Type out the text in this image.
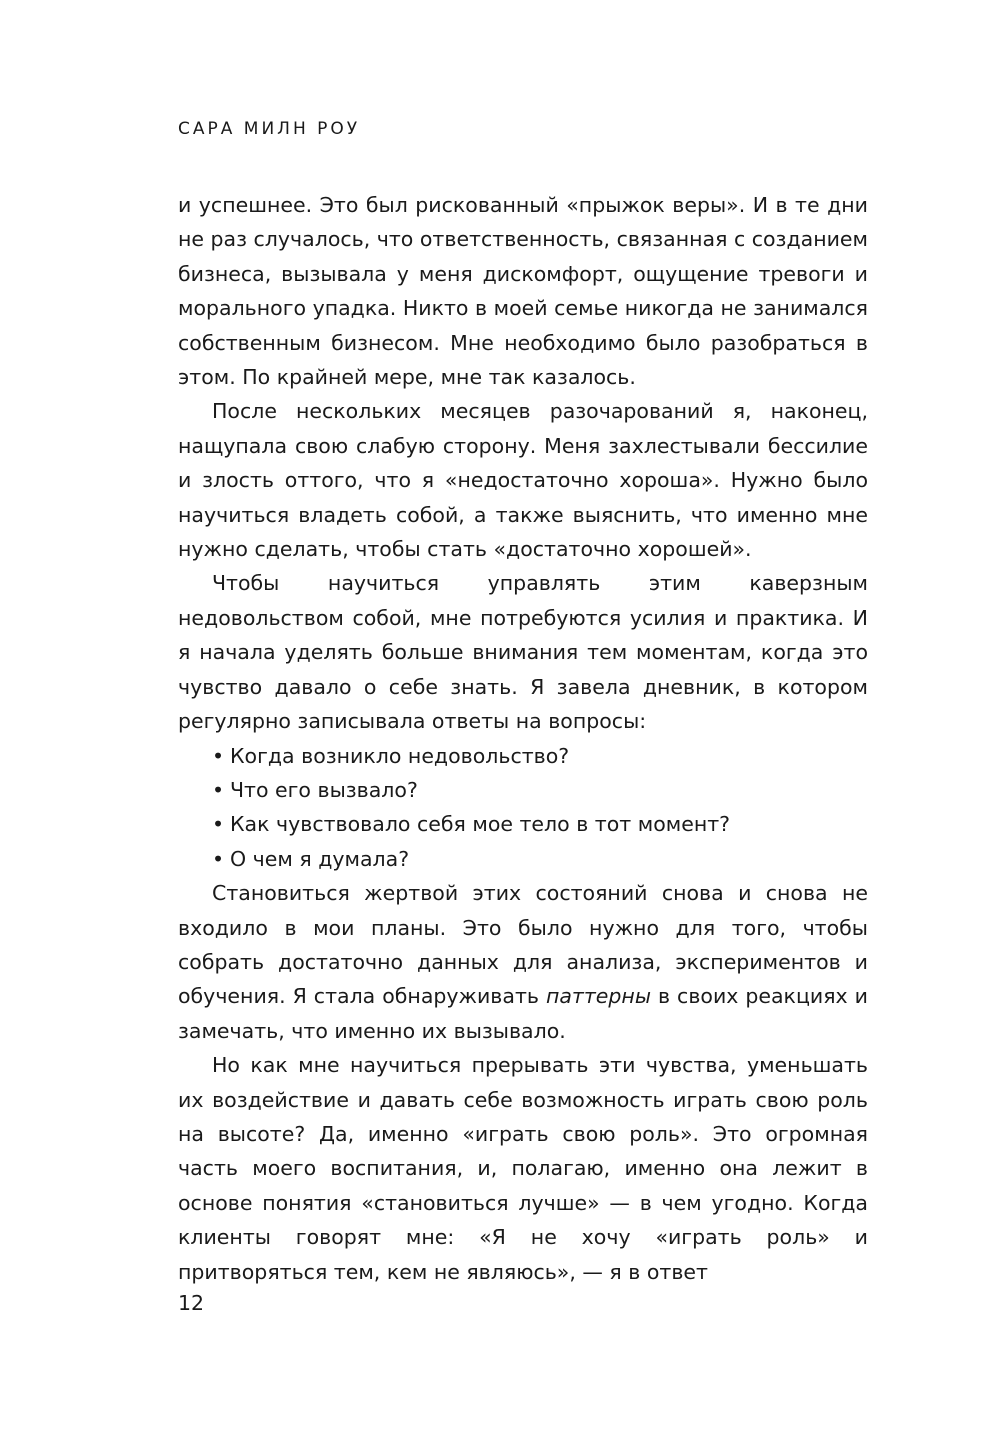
САРА МИЛН РОУ

и успешнее. Это был рискованный «прыжок веры». И в те дни не раз случалось, что ответственность, связанная с созданием бизнеса, вызывала у меня дискомфорт, ощущение тревоги и морального упадка. Никто в моей семье никогда не занимался собственным бизнесом. Мне необходимо было разобраться в этом. По крайней мере, мне так казалось.

После нескольких месяцев разочарований я, наконец, нащупала свою слабую сторону. Меня захлестывали бессилие и злость оттого, что я «недостаточно хороша». Нужно было научиться владеть собой, а также выяснить, что именно мне нужно сделать, чтобы стать «достаточно хорошей».

Чтобы научиться управлять этим каверзным недовольством собой, мне потребуются усилия и практика. И я начала уделять больше внимания тем моментам, когда это чувство давало о себе знать. Я завела дневник, в котором регулярно записывала ответы на вопросы:

• Когда возникло недовольство?
• Что его вызвало?
• Как чувствовало себя мое тело в тот момент?
• О чем я думала?

Становиться жертвой этих состояний снова и снова не входило в мои планы. Это было нужно для того, чтобы собрать достаточно данных для анализа, экспериментов и обучения. Я стала обнаруживать паттерны в своих реакциях и замечать, что именно их вызывало.

Но как мне научиться прерывать эти чувства, уменьшать их воздействие и давать себе возможность играть свою роль на высоте? Да, именно «играть свою роль». Это огромная часть моего воспитания, и, полагаю, именно она лежит в основе понятия «становиться лучше» — в чем угодно. Когда клиенты говорят мне: «Я не хочу «играть роль» и притворяться тем, кем не являюсь», — я в ответ

12
